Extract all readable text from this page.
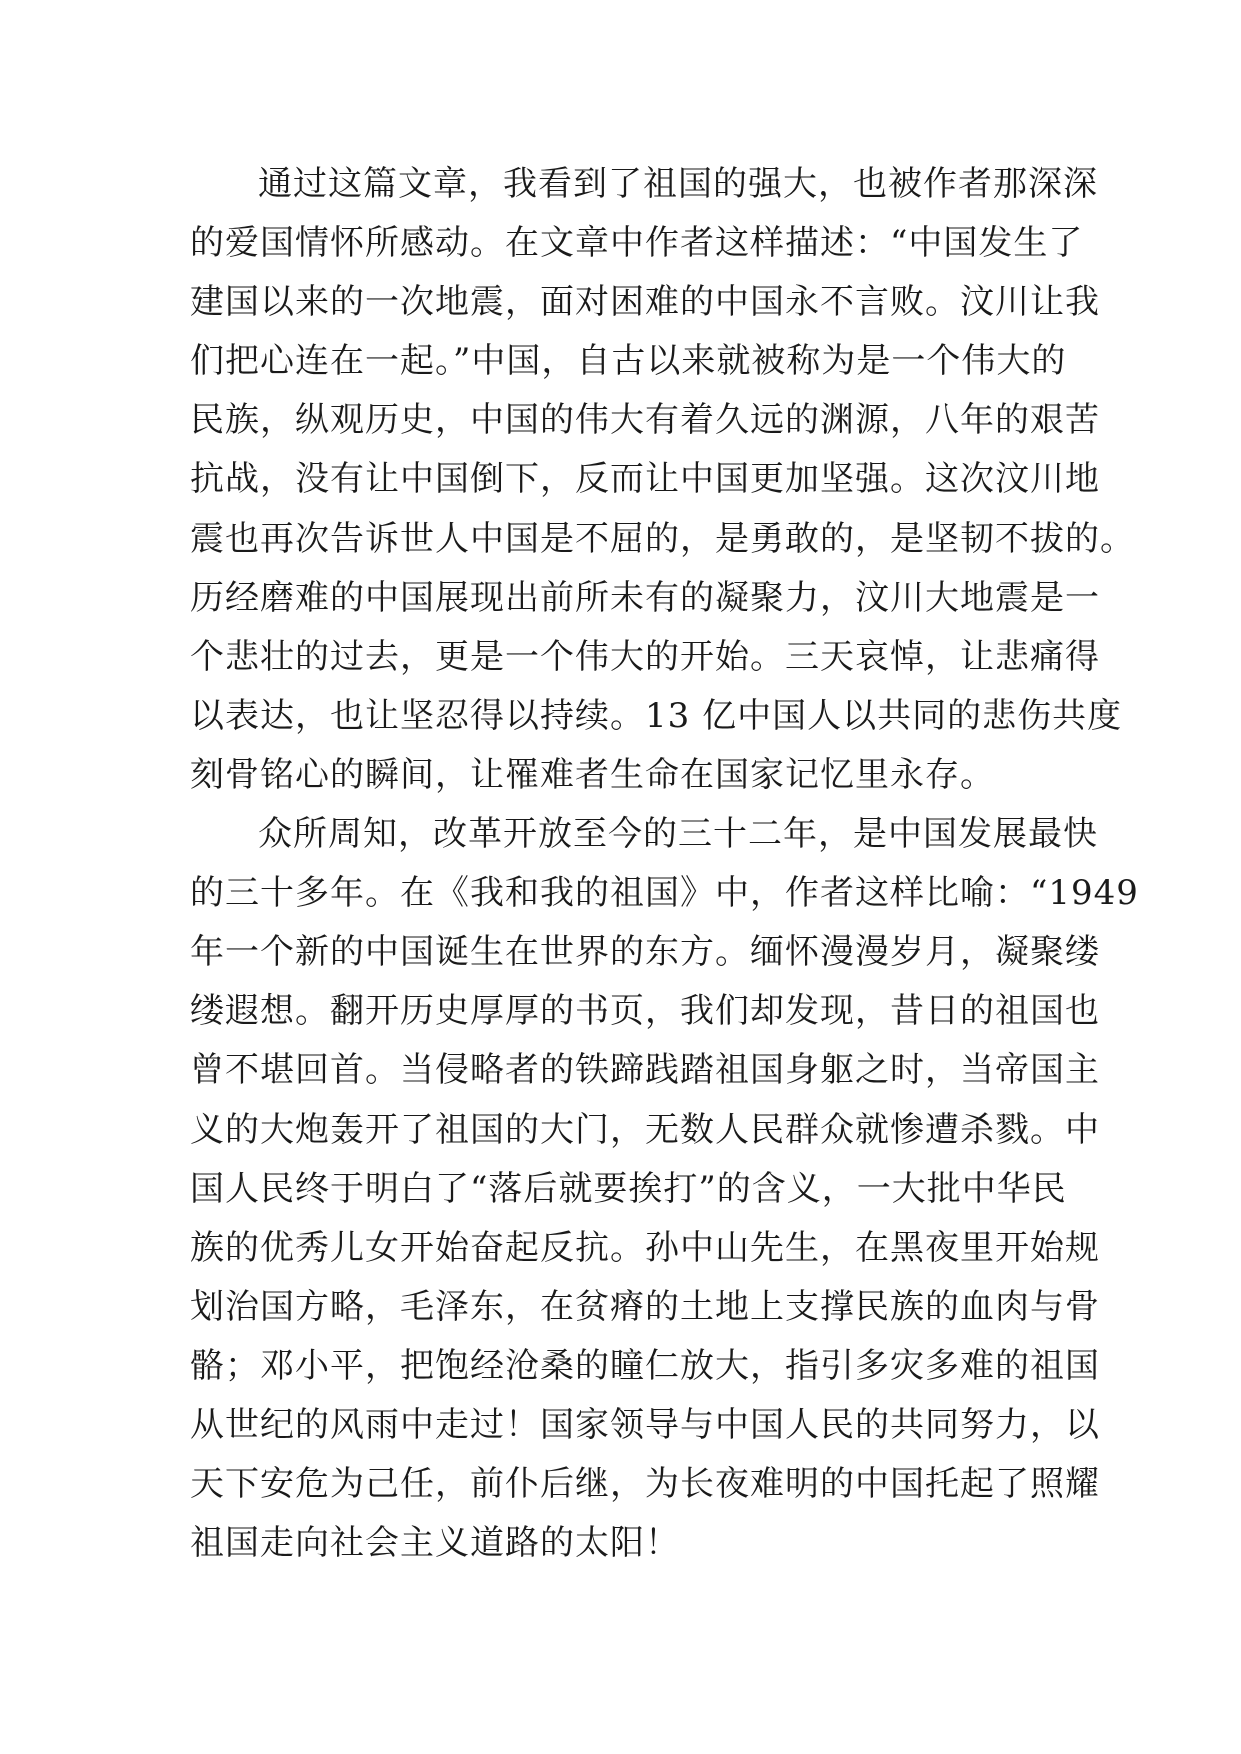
通过这篇文章，我看到了祖国的强大，也被作者那深深
的爱国情怀所感动。在文章中作者这样描述：“中国发生了
建国以来的一次地震，面对困难的中国永不言败。汶川让我
们把心连在一起。”中国，自古以来就被称为是一个伟大的
民族，纵观历史，中国的伟大有着久远的渊源，八年的艰苦
抗战，没有让中国倒下，反而让中国更加坚强。这次汶川地
震也再次告诉世人中国是不屈的，是勇敢的，是坚韧不拔的。
历经磨难的中国展现出前所未有的凝聚力，汶川大地震是一
个悲壮的过去，更是一个伟大的开始。三天哀悼，让悲痛得
以表达，也让坚忍得以持续。13 亿中国人以共同的悲伤共度
刻骨铭心的瞬间，让罹难者生命在国家记忆里永存。
众所周知，改革开放至今的三十二年，是中国发展最快
的三十多年。在《我和我的祖国》中，作者这样比喻：“1949
年一个新的中国诞生在世界的东方。缅怀漫漫岁月，凝聚缕
缕遐想。翻开历史厚厚的书页，我们却发现，昔日的祖国也
曾不堪回首。当侵略者的铁蹄践踏祖国身躯之时，当帝国主
义的大炮轰开了祖国的大门，无数人民群众就惨遭杀戮。中
国人民终于明白了“落后就要挨打”的含义，一大批中华民
族的优秀儿女开始奋起反抗。孙中山先生，在黑夜里开始规
划治国方略，毛泽东，在贫瘠的土地上支撑民族的血肉与骨
骼；邓小平，把饱经沧桑的瞳仁放大，指引多灾多难的祖国
从世纪的风雨中走过！国家领导与中国人民的共同努力，以
天下安危为己任，前仆后继，为长夜难明的中国托起了照耀
祖国走向社会主义道路的太阳！
